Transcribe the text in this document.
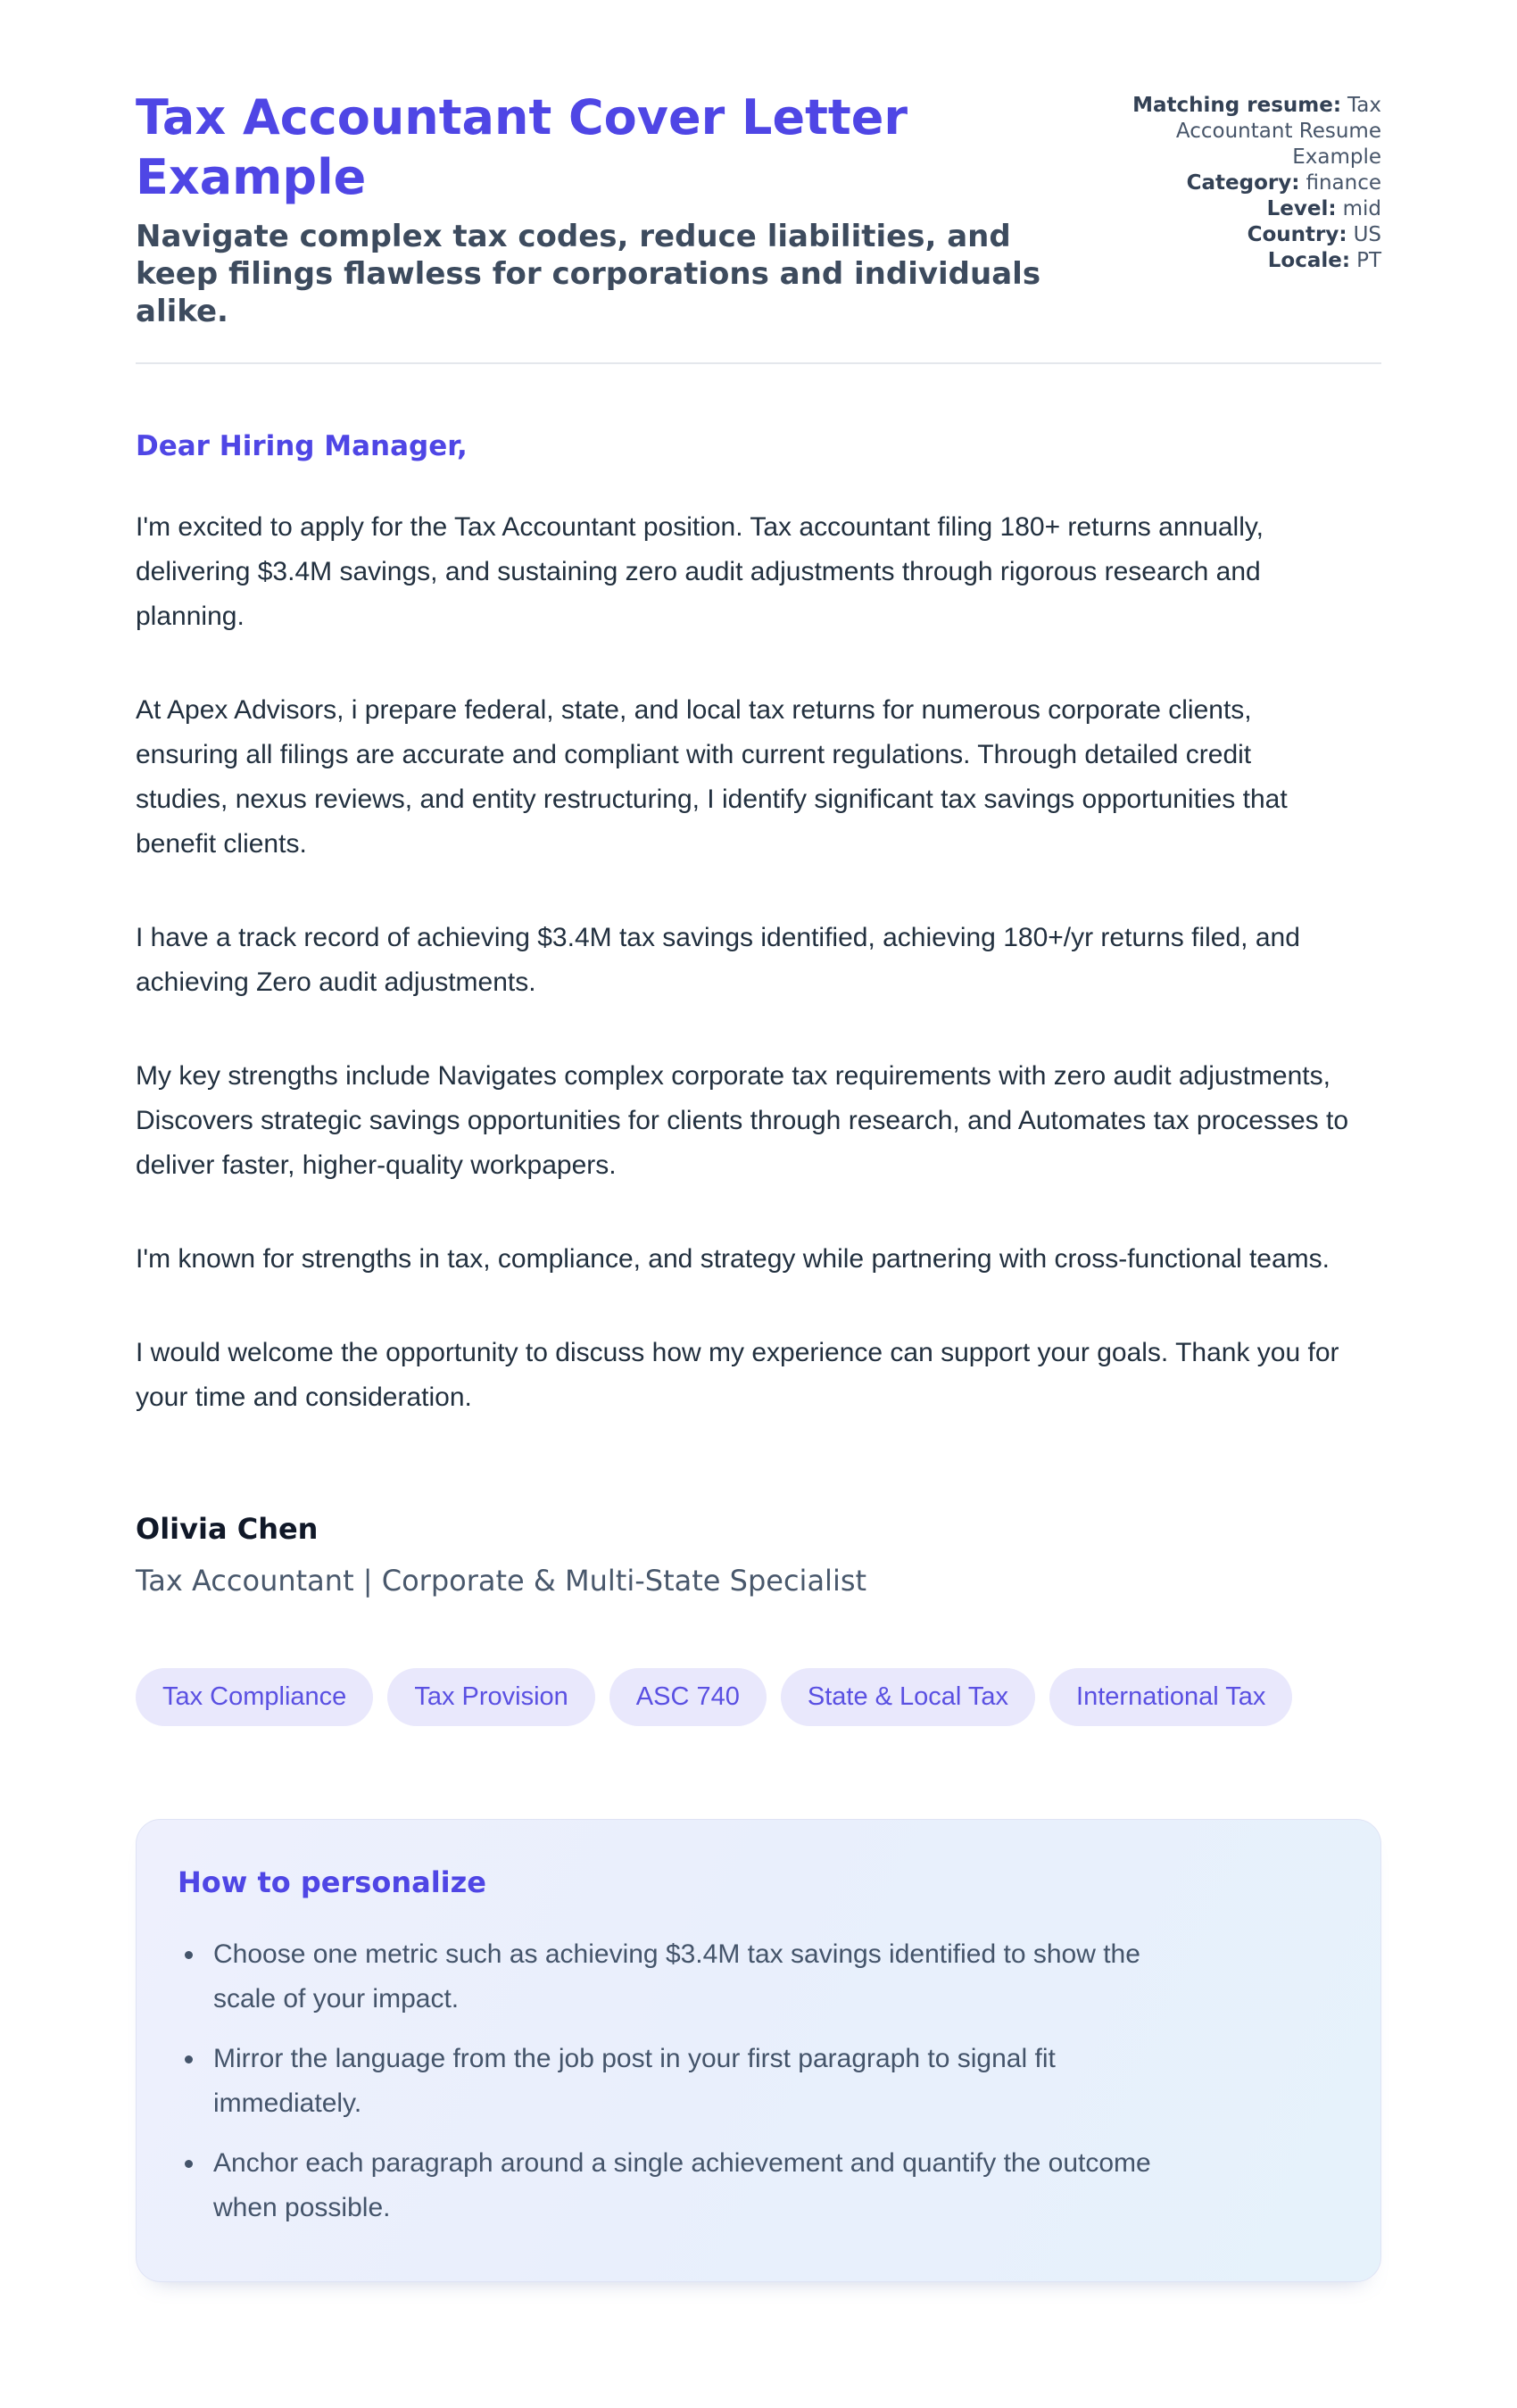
Tax Accountant Cover Letter Example
Navigate complex tax codes, reduce liabilities, and keep filings flawless for corporations and individuals alike.
Matching resume: Tax Accountant Resume Example
Category: finance
Level: mid
Country: US
Locale: PT
Dear Hiring Manager,

I'm excited to apply for the Tax Accountant position. Tax accountant filing 180+ returns annually, delivering $3.4M savings, and sustaining zero audit adjustments through rigorous research and planning.

At Apex Advisors, i prepare federal, state, and local tax returns for numerous corporate clients, ensuring all filings are accurate and compliant with current regulations. Through detailed credit studies, nexus reviews, and entity restructuring, I identify significant tax savings opportunities that benefit clients.

I have a track record of achieving $3.4M tax savings identified, achieving 180+/yr returns filed, and achieving Zero audit adjustments.

My key strengths include Navigates complex corporate tax requirements with zero audit adjustments, Discovers strategic savings opportunities for clients through research, and Automates tax processes to deliver faster, higher-quality workpapers.

I'm known for strengths in tax, compliance, and strategy while partnering with cross-functional teams.

I would welcome the opportunity to discuss how my experience can support your goals. Thank you for your time and consideration.

Olivia Chen
Tax Accountant | Corporate & Multi-State Specialist
Tax Compliance	Tax Provision	ASC 740	State & Local Tax	International Tax
How to personalize
• Choose one metric such as achieving $3.4M tax savings identified to show the scale of your impact.
• Mirror the language from the job post in your first paragraph to signal fit immediately.
• Anchor each paragraph around a single achievement and quantify the outcome when possible.
